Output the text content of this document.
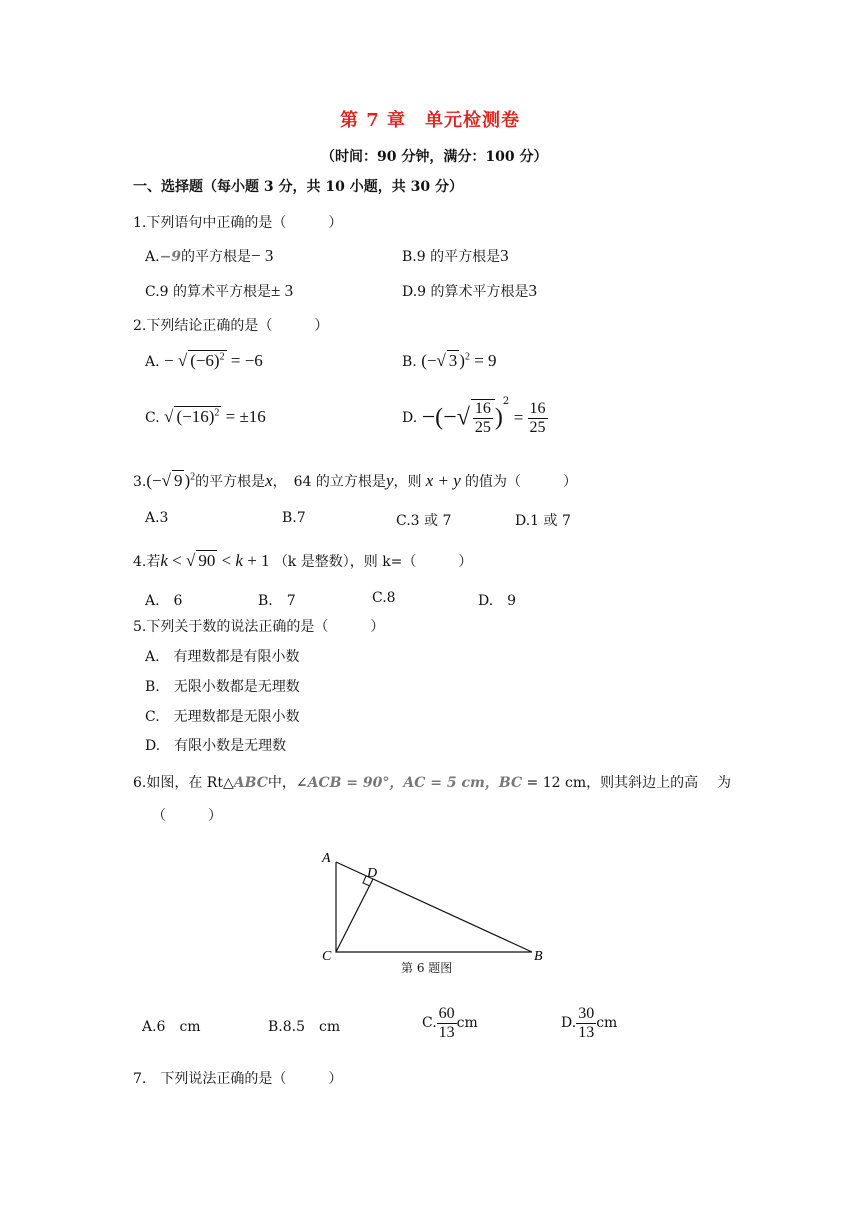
第 7 章　单元检测卷
（时间：90 分钟，满分：100 分）
一、选择题（每小题 3 分，共 10 小题，共 30 分）
1.下列语句中正确的是（　　　）
A.−9的平方根是− 3	B.9 的平方根是3
C.9 的算术平方根是± 3	D.9 的算术平方根是3
2.下列结论正确的是（　　　）
A. − √ $(-6)^2 = -6$	B. (−√ 3 )$^2$ = 9
C. √ $(-16)^2 = \pm 16$	D. −(−√ $\frac{16}{25} )^2 = \frac{16}{25}$
3.(−√ 9 )$^2$的平方根是x，　64 的立方根是y，则 x + y 的值为（　　　）
A.3	B.7	C.3 或 7	D.1 或 7
4.若k < √ 90 < k + 1 （k 是整数），则 k=（　　　）
A.　6	B.　7	C.8	D.　9
5.下列关于数的说法正确的是（　　　）
A.　有理数都是有限小数
B.　无限小数都是无理数
C.　无理数都是无限小数
D.　有限小数是无理数
6.如图，在 Rt△ABC中，∠ACB = 90°，AC = 5 cm，BC = 12 cm，则其斜边上的高 为
（　　　）
A
D
C	B
第 6 题图
A.6　cm	B.8.5　cm	C. $\frac{60}{13}$ cm	D. $\frac{30}{13}$ cm
7.　下列说法正确的是（　　　）
